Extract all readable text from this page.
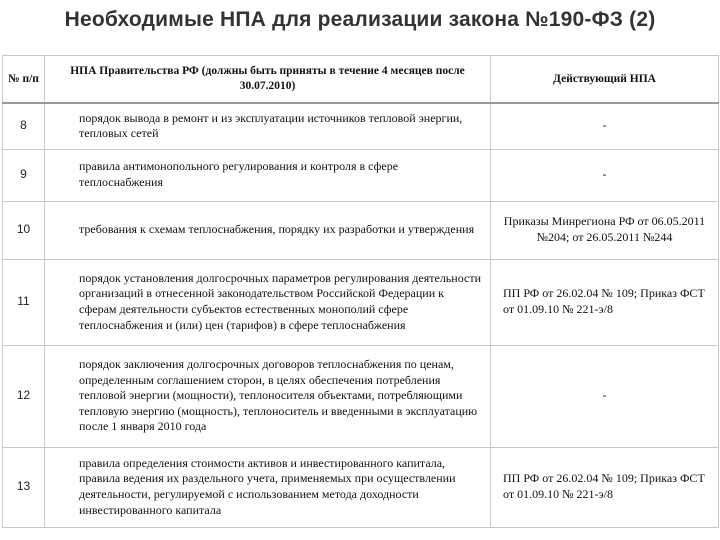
Необходимые НПА для реализации закона №190-ФЗ (2)
№ п/п	НПА Правительства РФ (должны быть приняты в течение 4 месяцев после 30.07.2010)	Действующий НПА
8	порядок вывода в ремонт и из эксплуатации источников тепловой энергии, тепловых сетей	-
9	правила антимонопольного регулирования и контроля в сфере теплоснабжения	-
10	требования к схемам теплоснабжения, порядку их разработки и утверждения	Приказы Минрегиона РФ от 06.05.2011 №204; от 26.05.2011 №244
11	порядок установления долгосрочных параметров регулирования деятельности организаций в отнесенной законодательством Российской Федерации к сферам деятельности субъектов естественных монополий сфере теплоснабжения и (или) цен (тарифов) в сфере теплоснабжения	ПП РФ от 26.02.04 № 109; Приказ ФСТ от 01.09.10 № 221-э/8
12	порядок заключения долгосрочных договоров теплоснабжения по ценам, определенным соглашением сторон, в целях обеспечения потребления тепловой энергии (мощности), теплоносителя объектами, потребляющими тепловую энергию (мощность), теплоноситель и введенными в эксплуатацию после 1 января 2010 года	-
13	правила определения стоимости активов и инвестированного капитала, правила ведения их раздельного учета, применяемых при осуществлении деятельности, регулируемой с использованием метода доходности инвестированного капитала	ПП РФ от 26.02.04 № 109; Приказ ФСТ от 01.09.10 № 221-э/8
